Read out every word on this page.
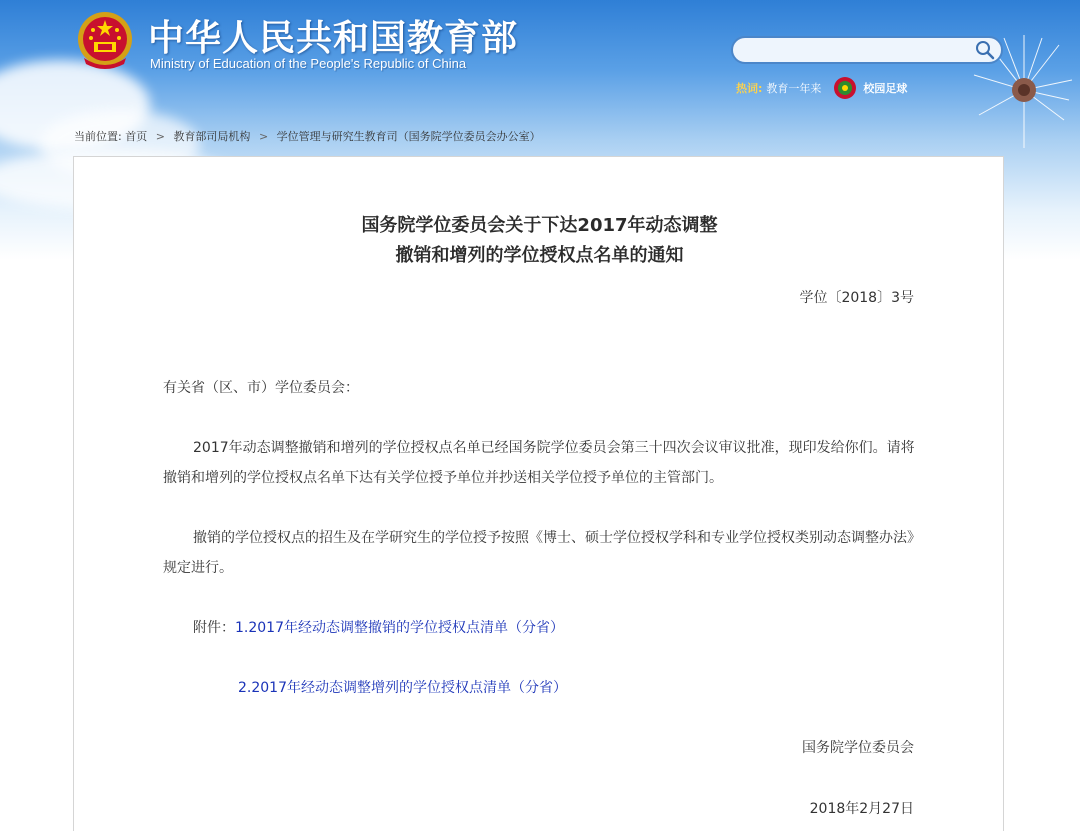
中华人民共和国教育部
Ministry of Education of the People's Republic of China
热词: 教育一年来	校园足球
当前位置: 首页 > 教育部司局机构 > 学位管理与研究生教育司（国务院学位委员会办公室）
国务院学位委员会关于下达2017年动态调整
撤销和增列的学位授权点名单的通知
学位〔2018〕3号
有关省（区、市）学位委员会：
2017年动态调整撤销和增列的学位授权点名单已经国务院学位委员会第三十四次会议审议批准，现印发给你们。请将撤销和增列的学位授权点名单下达有关学位授予单位并抄送相关学位授予单位的主管部门。
撤销的学位授权点的招生及在学研究生的学位授予按照《博士、硕士学位授权学科和专业学位授权类别动态调整办法》规定进行。
附件：1.2017年经动态调整撤销的学位授权点清单（分省）
2.2017年经动态调整增列的学位授权点清单（分省）
国务院学位委员会
2018年2月27日
